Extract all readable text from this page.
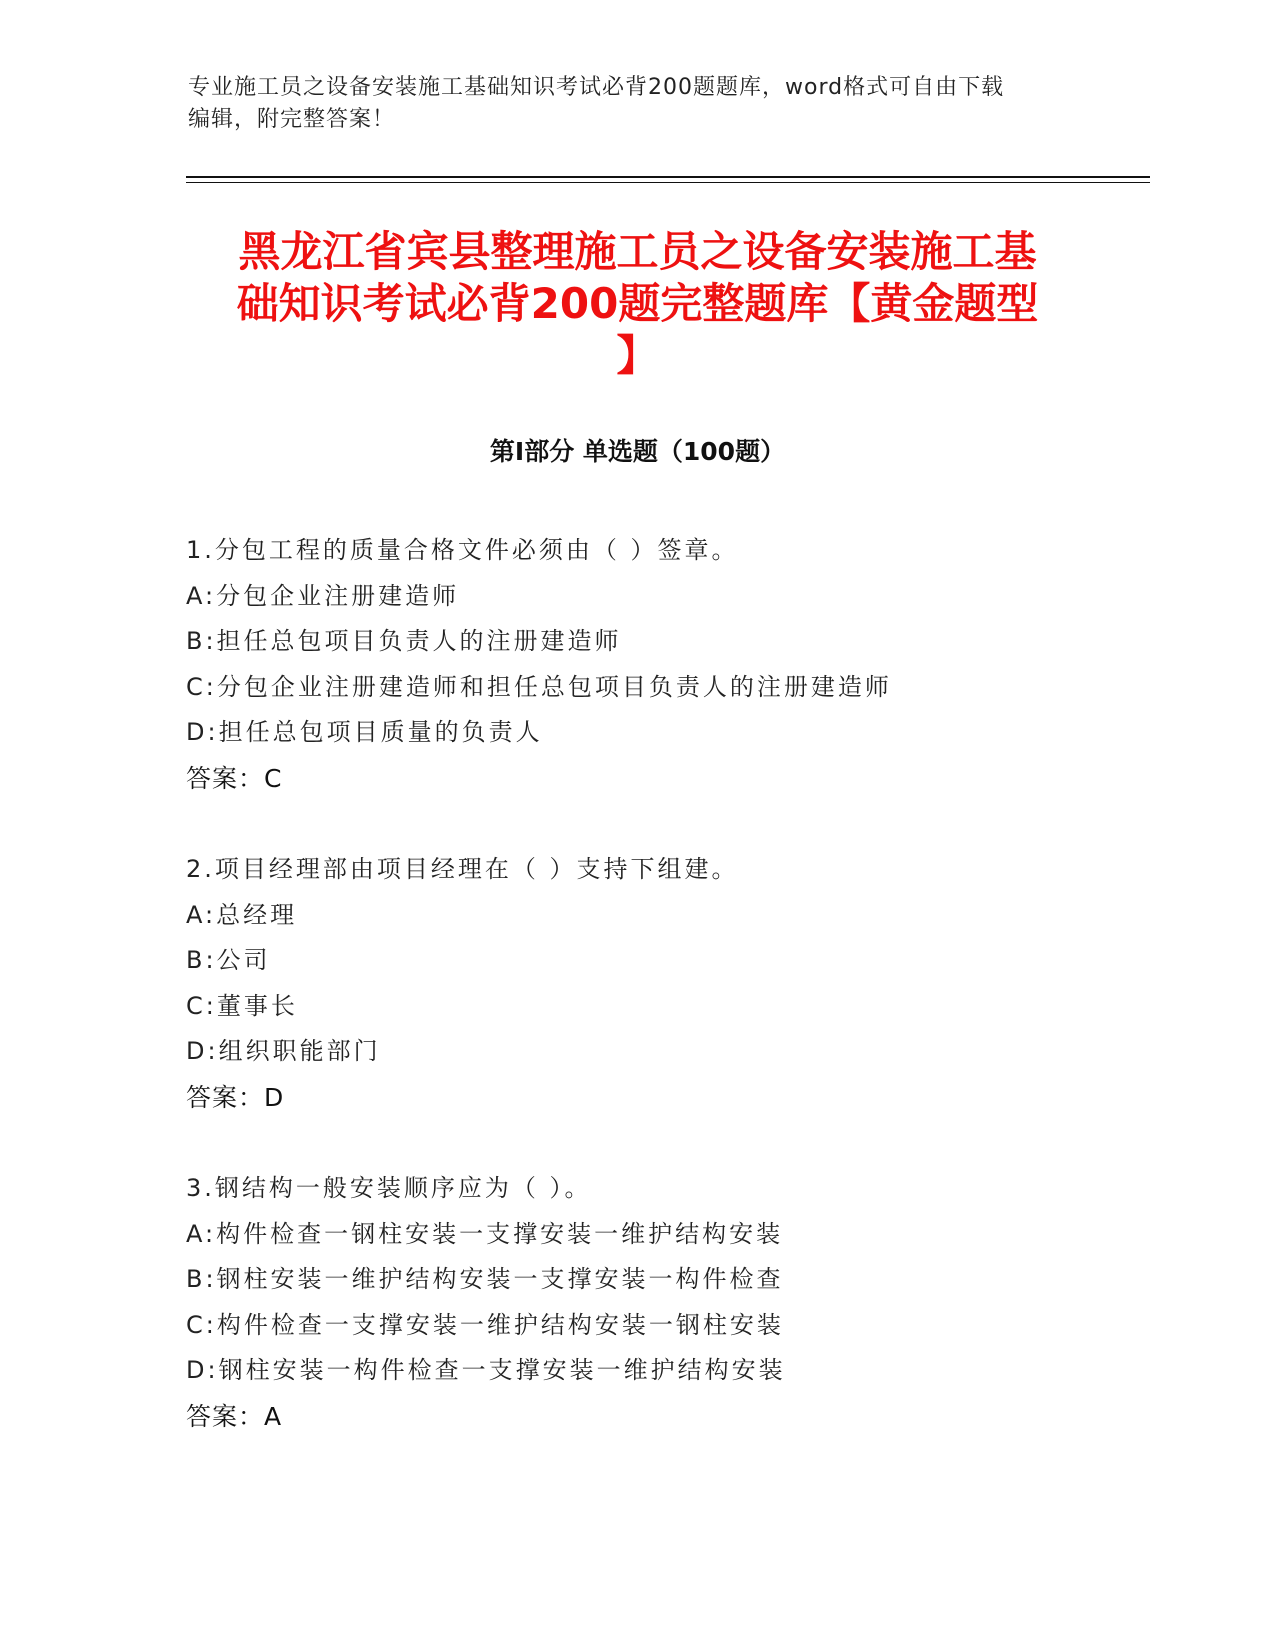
专业施工员之设备安装施工基础知识考试必背200题题库，word格式可自由下载
编辑，附完整答案！
黑龙江省宾县整理施工员之设备安装施工基
础知识考试必背200题完整题库【黄金题型
】
第I部分 单选题（100题）
1.分包工程的质量合格文件必须由（ ）签章。
A:分包企业注册建造师
B:担任总包项目负责人的注册建造师
C:分包企业注册建造师和担任总包项目负责人的注册建造师
D:担任总包项目质量的负责人
答案：C
2.项目经理部由项目经理在（ ）支持下组建。
A:总经理
B:公司
C:董事长
D:组织职能部门
答案：D
3.钢结构一般安装顺序应为（ ）。
A:构件检查一钢柱安装一支撑安装一维护结构安装
B:钢柱安装一维护结构安装一支撑安装一构件检查
C:构件检查一支撑安装一维护结构安装一钢柱安装
D:钢柱安装一构件检查一支撑安装一维护结构安装
答案：A
